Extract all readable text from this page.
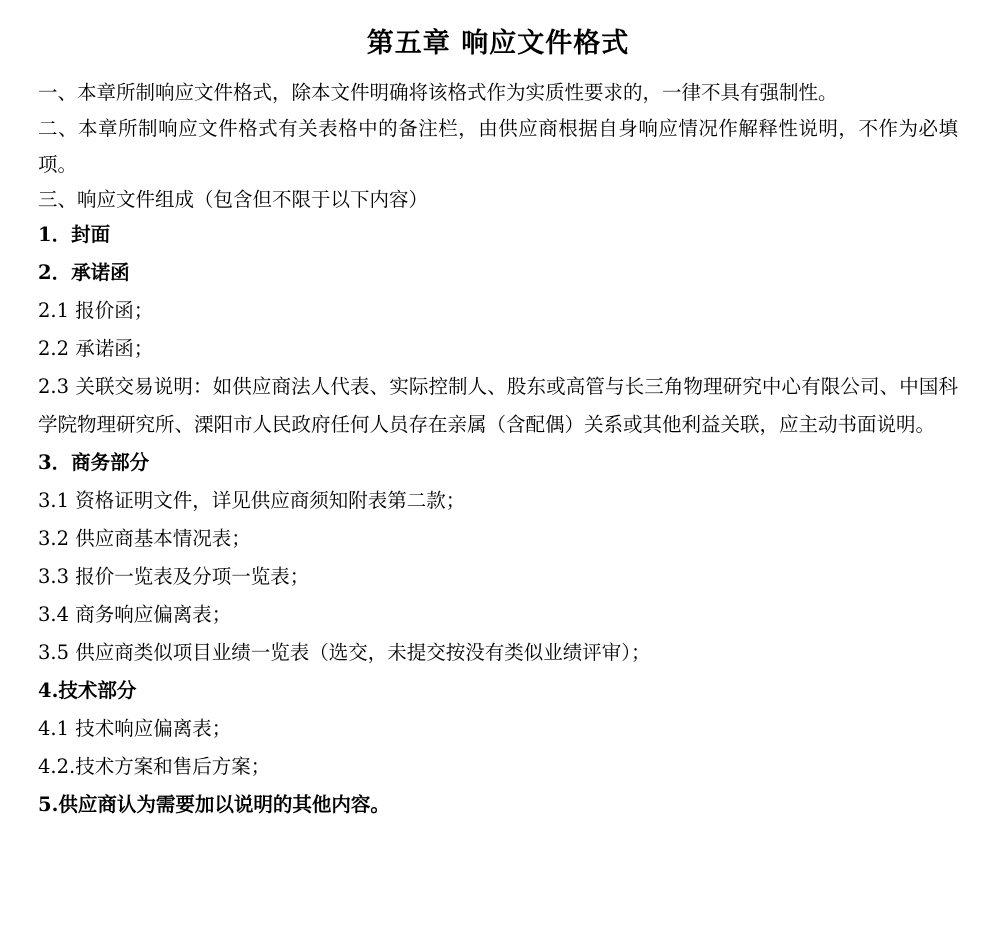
第五章 响应文件格式

一、本章所制响应文件格式，除本文件明确将该格式作为实质性要求的，一律不具有强制性。

二、本章所制响应文件格式有关表格中的备注栏，由供应商根据自身响应情况作解释性说明，不作为必填项。

三、响应文件组成（包含但不限于以下内容）

1．封面

2．承诺函

2.1 报价函；

2.2 承诺函；

2.3 关联交易说明：如供应商法人代表、实际控制人、股东或高管与长三角物理研究中心有限公司、中国科学院物理研究所、溧阳市人民政府任何人员存在亲属（含配偶）关系或其他利益关联，应主动书面说明。

3．商务部分

3.1 资格证明文件，详见供应商须知附表第二款；

3.2 供应商基本情况表；

3.3 报价一览表及分项一览表；

3.4 商务响应偏离表；

3.5 供应商类似项目业绩一览表（选交，未提交按没有类似业绩评审）；

4.技术部分

4.1 技术响应偏离表；

4.2.技术方案和售后方案；

5.供应商认为需要加以说明的其他内容。
